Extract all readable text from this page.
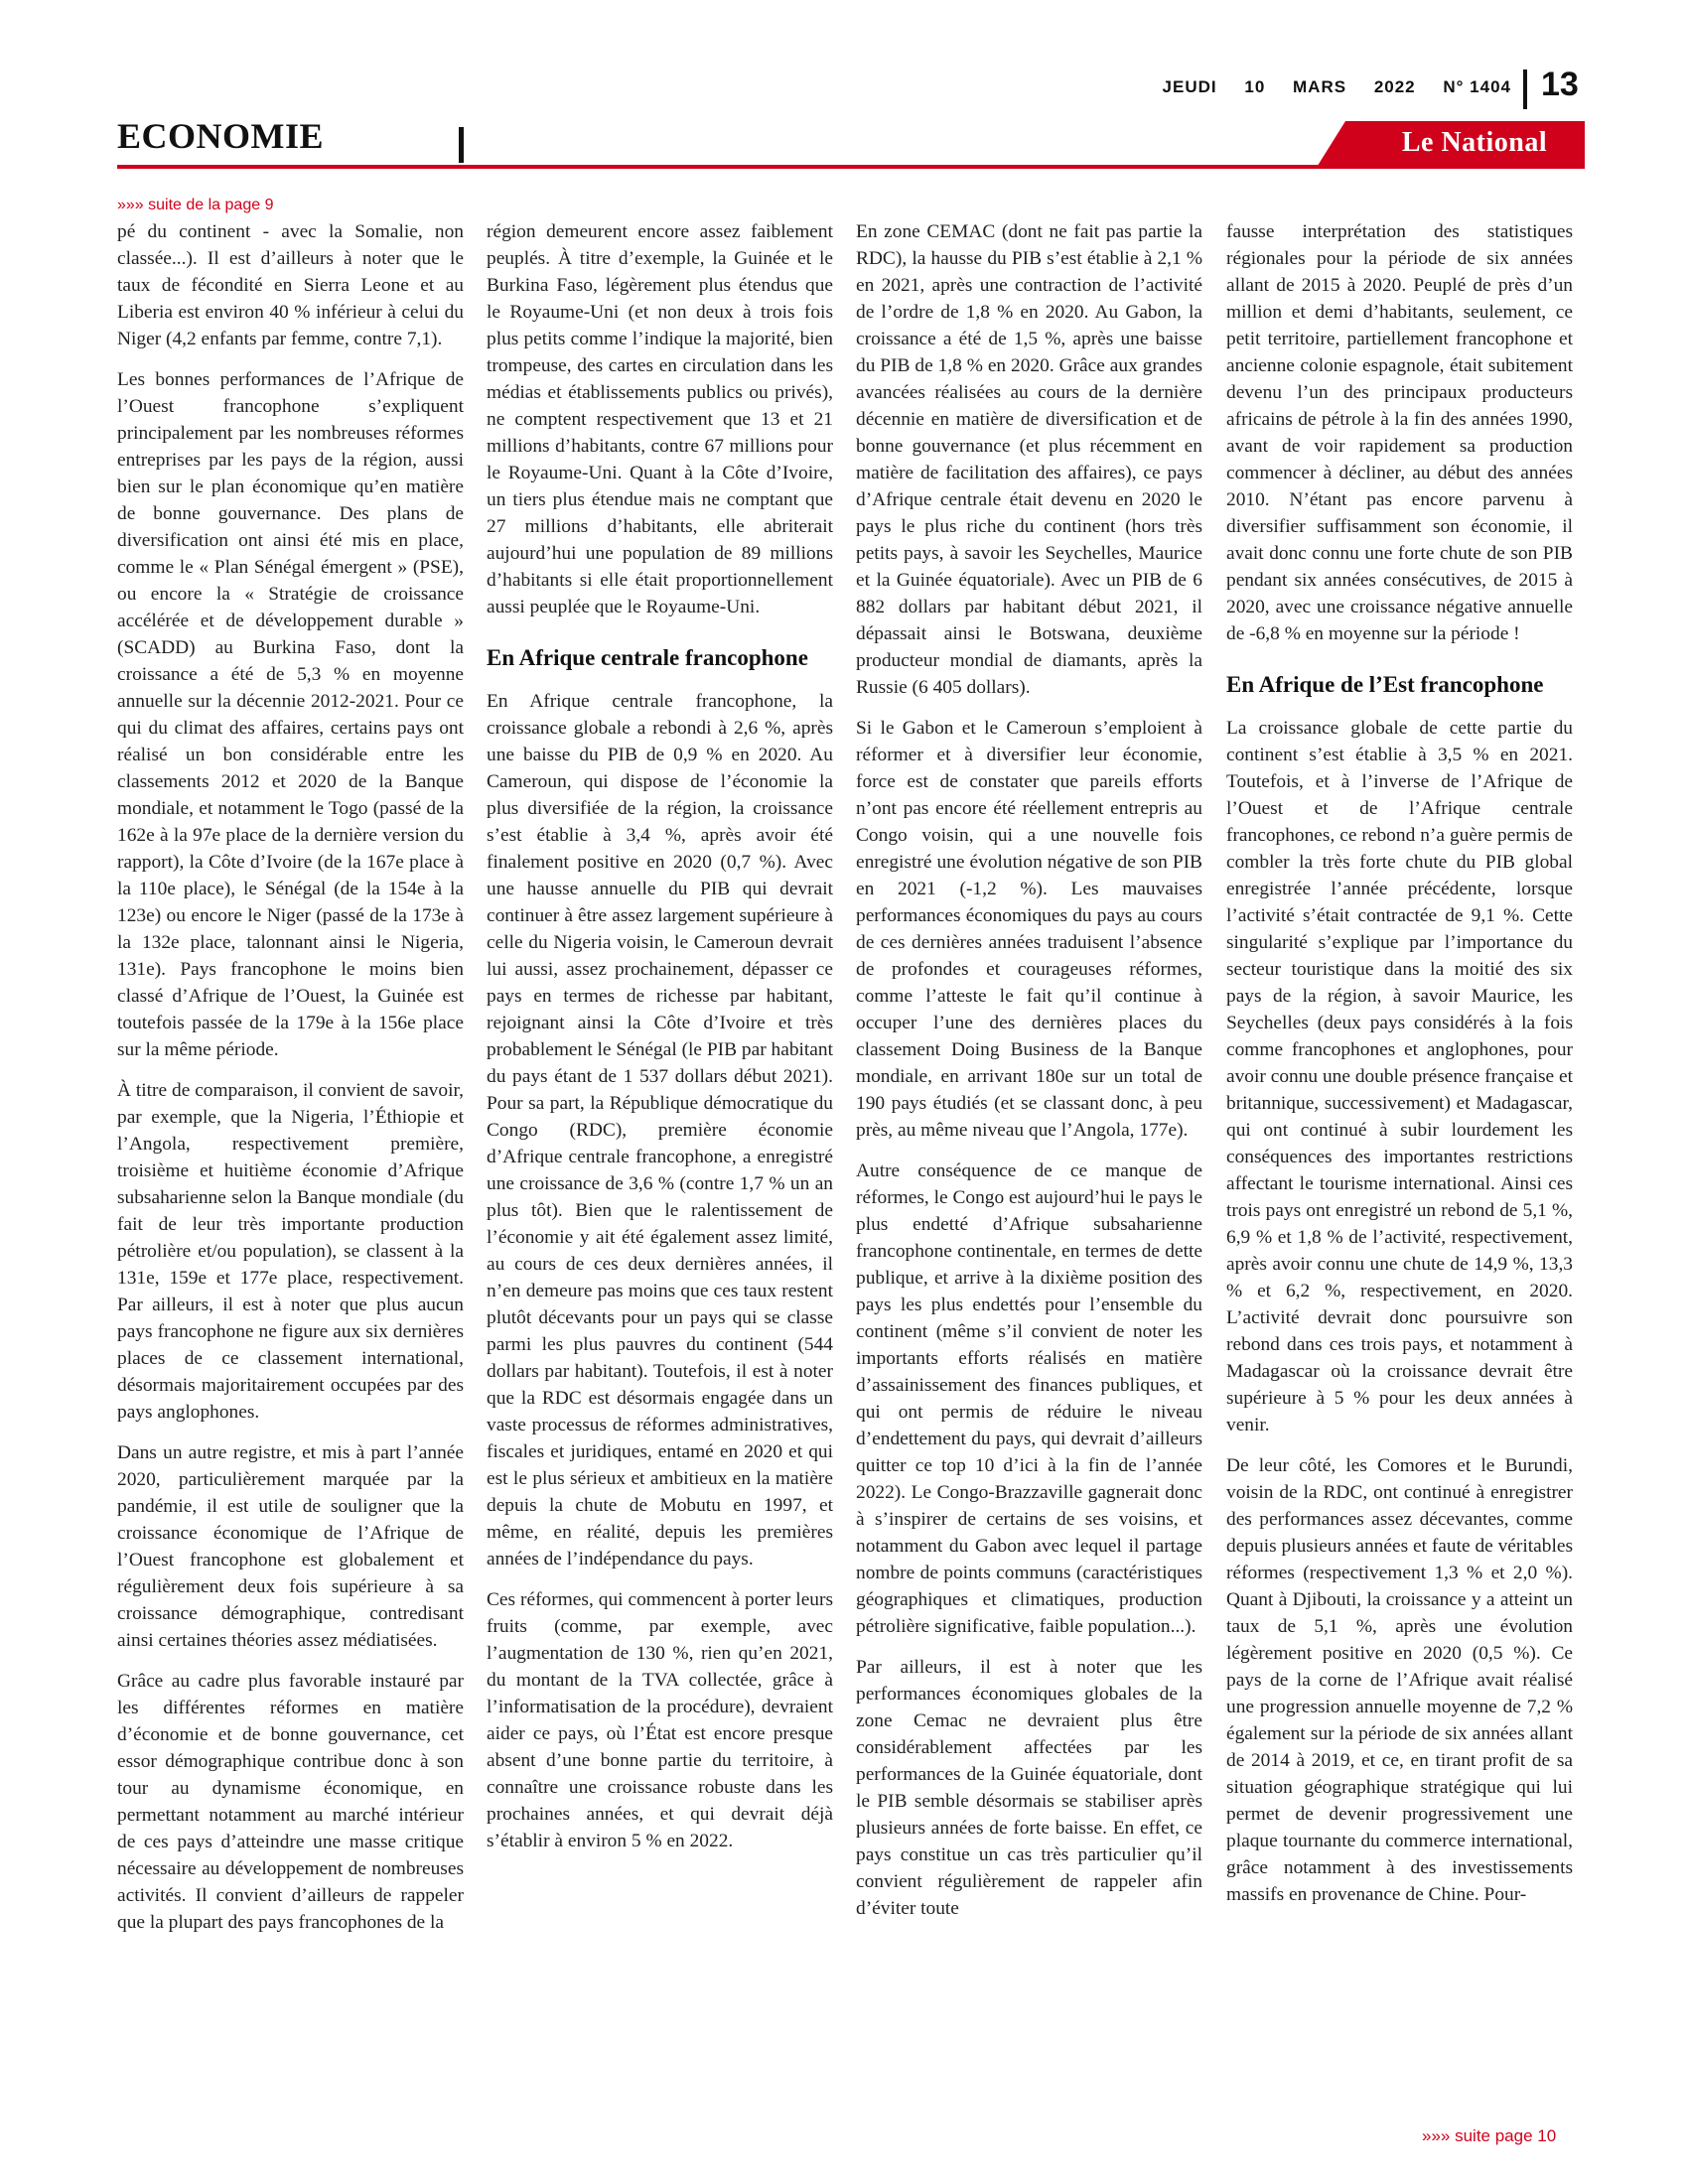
JEUDI 10 MARS 2022 N° 1404 13
ECONOMIE	Le National
»»» suite de la page 9

pé du continent - avec la Somalie, non classée...). Il est d’ailleurs à noter que le taux de fécondité en Sierra Leone et au Liberia est environ 40 % inférieur à celui du Niger (4,2 enfants par femme, contre 7,1).

Les bonnes performances de l’Afrique de l’Ouest francophone s’expliquent principalement par les nombreuses réformes entreprises par les pays de la région, aussi bien sur le plan économique qu’en matière de bonne gouvernance. Des plans de diversification ont ainsi été mis en place, comme le « Plan Sénégal émergent » (PSE), ou encore la « Stratégie de croissance accélérée et de développement durable » (SCADD) au Burkina Faso, dont la croissance a été de 5,3 % en moyenne annuelle sur la décennie 2012-2021. Pour ce qui du climat des affaires, certains pays ont réalisé un bon considérable entre les classements 2012 et 2020 de la Banque mondiale, et notamment le Togo (passé de la 162e à la 97e place de la dernière version du rapport), la Côte d’Ivoire (de la 167e place à la 110e place), le Sénégal (de la 154e à la 123e) ou encore le Niger (passé de la 173e à la 132e place, talonnant ainsi le Nigeria, 131e). Pays francophone le moins bien classé d’Afrique de l’Ouest, la Guinée est toutefois passée de la 179e à la 156e place sur la même période.

À titre de comparaison, il convient de savoir, par exemple, que la Nigeria, l’Éthiopie et l’Angola, respectivement première, troisième et huitième économie d’Afrique subsaharienne selon la Banque mondiale (du fait de leur très importante production pétrolière et/ou population), se classent à la 131e, 159e et 177e place, respectivement. Par ailleurs, il est à noter que plus aucun pays francophone ne figure aux six dernières places de ce classement international, désormais majoritairement occupées par des pays anglophones.

Dans un autre registre, et mis à part l’année 2020, particulièrement marquée par la pandémie, il est utile de souligner que la croissance économique de l’Afrique de l’Ouest francophone est globalement et régulièrement deux fois supérieure à sa croissance démographique, contredisant ainsi certaines théories assez médiatisées.

Grâce au cadre plus favorable instauré par les différentes réformes en matière d’économie et de bonne gouvernance, cet essor démographique contribue donc à son tour au dynamisme économique, en permettant notamment au marché intérieur de ces pays d’atteindre une masse critique nécessaire au développement de nombreuses activités. Il convient d’ailleurs de rappeler que la plupart des pays francophones de la

région demeurent encore assez faiblement peuplés. À titre d’exemple, la Guinée et le Burkina Faso, légèrement plus étendus que le Royaume-Uni (et non deux à trois fois plus petits comme l’indique la majorité, bien trompeuse, des cartes en circulation dans les médias et établissements publics ou privés), ne comptent respectivement que 13 et 21 millions d’habitants, contre 67 millions pour le Royaume-Uni. Quant à la Côte d’Ivoire, un tiers plus étendue mais ne comptant que 27 millions d’habitants, elle abriterait aujourd’hui une population de 89 millions d’habitants si elle était proportionnellement aussi peuplée que le Royaume-Uni.

En Afrique centrale francophone

En Afrique centrale francophone, la croissance globale a rebondi à 2,6 %, après une baisse du PIB de 0,9 % en 2020. Au Cameroun, qui dispose de l’économie la plus diversifiée de la région, la croissance s’est établie à 3,4 %, après avoir été finalement positive en 2020 (0,7 %). Avec une hausse annuelle du PIB qui devrait continuer à être assez largement supérieure à celle du Nigeria voisin, le Cameroun devrait lui aussi, assez prochainement, dépasser ce pays en termes de richesse par habitant, rejoignant ainsi la Côte d’Ivoire et très probablement le Sénégal (le PIB par habitant du pays étant de 1 537 dollars début 2021). Pour sa part, la République démocratique du Congo (RDC), première économie d’Afrique centrale francophone, a enregistré une croissance de 3,6 % (contre 1,7 % un an plus tôt). Bien que le ralentissement de l’économie y ait été également assez limité, au cours de ces deux dernières années, il n’en demeure pas moins que ces taux restent plutôt décevants pour un pays qui se classe parmi les plus pauvres du continent (544 dollars par habitant). Toutefois, il est à noter que la RDC est désormais engagée dans un vaste processus de réformes administratives, fiscales et juridiques, entamé en 2020 et qui est le plus sérieux et ambitieux en la matière depuis la chute de Mobutu en 1997, et même, en réalité, depuis les premières années de l’indépendance du pays.

Ces réformes, qui commencent à porter leurs fruits (comme, par exemple, avec l’augmentation de 130 %, rien qu’en 2021, du montant de la TVA collectée, grâce à l’informatisation de la procédure), devraient aider ce pays, où l’État est encore presque absent d’une bonne partie du territoire, à connaître une croissance robuste dans les prochaines années, et qui devrait déjà s’établir à environ 5 % en 2022.

En zone CEMAC (dont ne fait pas partie la RDC), la hausse du PIB s’est établie à 2,1 % en 2021, après une contraction de l’activité de l’ordre de 1,8 % en 2020. Au Gabon, la croissance a été de 1,5 %, après une baisse du PIB de 1,8 % en 2020. Grâce aux grandes avancées réalisées au cours de la dernière décennie en matière de diversification et de bonne gouvernance (et plus récemment en matière de facilitation des affaires), ce pays d’Afrique centrale était devenu en 2020 le pays le plus riche du continent (hors très petits pays, à savoir les Seychelles, Maurice et la Guinée équatoriale). Avec un PIB de 6 882 dollars par habitant début 2021, il dépassait ainsi le Botswana, deuxième producteur mondial de diamants, après la Russie (6 405 dollars).

Si le Gabon et le Cameroun s’emploient à réformer et à diversifier leur économie, force est de constater que pareils efforts n’ont pas encore été réellement entrepris au Congo voisin, qui a une nouvelle fois enregistré une évolution négative de son PIB en 2021 (-1,2 %). Les mauvaises performances économiques du pays au cours de ces dernières années traduisent l’absence de profondes et courageuses réformes, comme l’atteste le fait qu’il continue à occuper l’une des dernières places du classement Doing Business de la Banque mondiale, en arrivant 180e sur un total de 190 pays étudiés (et se classant donc, à peu près, au même niveau que l’Angola, 177e).

Autre conséquence de ce manque de réformes, le Congo est aujourd’hui le pays le plus endetté d’Afrique subsaharienne francophone continentale, en termes de dette publique, et arrive à la dixième position des pays les plus endettés pour l’ensemble du continent (même s’il convient de noter les importants efforts réalisés en matière d’assainissement des finances publiques, et qui ont permis de réduire le niveau d’endettement du pays, qui devrait d’ailleurs quitter ce top 10 d’ici à la fin de l’année 2022). Le Congo-Brazzaville gagnerait donc à s’inspirer de certains de ses voisins, et notamment du Gabon avec lequel il partage nombre de points communs (caractéristiques géographiques et climatiques, production pétrolière significative, faible population...).

Par ailleurs, il est à noter que les performances économiques globales de la zone Cemac ne devraient plus être considérablement affectées par les performances de la Guinée équatoriale, dont le PIB semble désormais se stabiliser après plusieurs années de forte baisse. En effet, ce pays constitue un cas très particulier qu’il convient régulièrement de rappeler afin d’éviter toute

fausse interprétation des statistiques régionales pour la période de six années allant de 2015 à 2020. Peuplé de près d’un million et demi d’habitants, seulement, ce petit territoire, partiellement francophone et ancienne colonie espagnole, était subitement devenu l’un des principaux producteurs africains de pétrole à la fin des années 1990, avant de voir rapidement sa production commencer à décliner, au début des années 2010. N’étant pas encore parvenu à diversifier suffisamment son économie, il avait donc connu une forte chute de son PIB pendant six années consécutives, de 2015 à 2020, avec une croissance négative annuelle de -6,8 % en moyenne sur la période !

En Afrique de l’Est francophone

La croissance globale de cette partie du continent s’est établie à 3,5 % en 2021. Toutefois, et à l’inverse de l’Afrique de l’Ouest et de l’Afrique centrale francophones, ce rebond n’a guère permis de combler la très forte chute du PIB global enregistrée l’année précédente, lorsque l’activité s’était contractée de 9,1 %. Cette singularité s’explique par l’importance du secteur touristique dans la moitié des six pays de la région, à savoir Maurice, les Seychelles (deux pays considérés à la fois comme francophones et anglophones, pour avoir connu une double présence française et britannique, successivement) et Madagascar, qui ont continué à subir lourdement les conséquences des importantes restrictions affectant le tourisme international. Ainsi ces trois pays ont enregistré un rebond de 5,1 %, 6,9 % et 1,8 % de l’activité, respectivement, après avoir connu une chute de 14,9 %, 13,3 % et 6,2 %, respectivement, en 2020. L’activité devrait donc poursuivre son rebond dans ces trois pays, et notamment à Madagascar où la croissance devrait être supérieure à 5 % pour les deux années à venir.

De leur côté, les Comores et le Burundi, voisin de la RDC, ont continué à enregistrer des performances assez décevantes, comme depuis plusieurs années et faute de véritables réformes (respectivement 1,3 % et 2,0 %). Quant à Djibouti, la croissance y a atteint un taux de 5,1 %, après une évolution légèrement positive en 2020 (0,5 %). Ce pays de la corne de l’Afrique avait réalisé une progression annuelle moyenne de 7,2 % également sur la période de six années allant de 2014 à 2019, et ce, en tirant profit de sa situation géographique stratégique qui lui permet de devenir progressivement une plaque tournante du commerce international, grâce notamment à des investissements massifs en provenance de Chine. Pour-

»»» suite page 10
